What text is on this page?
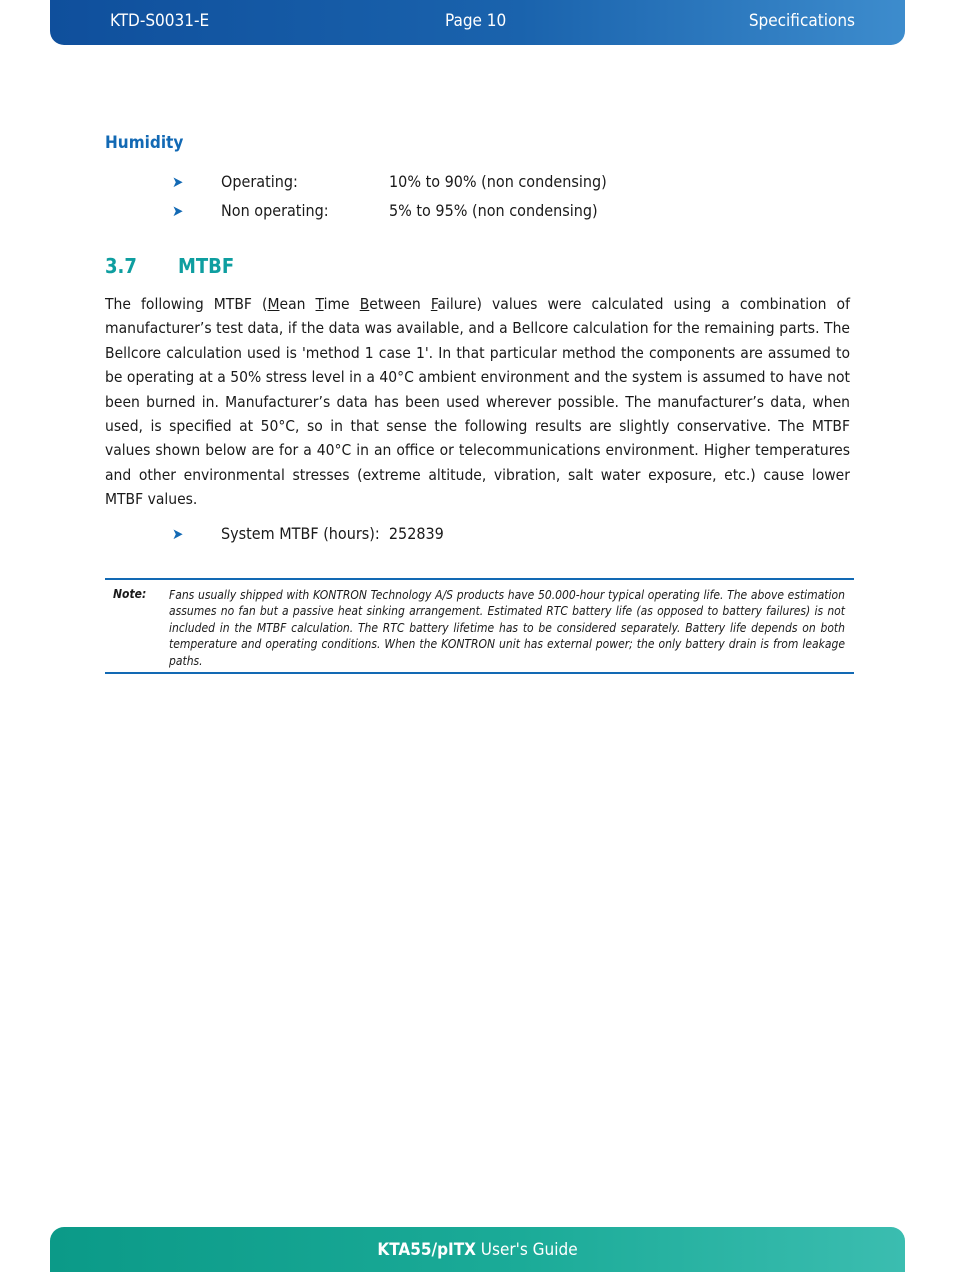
KTD-S0031-E	Page 10	Specifications
Humidity
➤ Operating:	10% to 90% (non condensing)
➤ Non operating:	5% to 95% (non condensing)
3.7 MTBF
The following MTBF (Mean Time Between Failure) values were calculated using a combination of manufacturer’s test data, if the data was available, and a Bellcore calculation for the remaining parts. The Bellcore calculation used is 'method 1 case 1'. In that particular method the components are assumed to be operating at a 50% stress level in a 40°C ambient environment and the system is assumed to have not been burned in. Manufacturer’s data has been used wherever possible. The manufacturer’s data, when used, is specified at 50°C, so in that sense the following results are slightly conservative. The MTBF values shown below are for a 40°C in an office or telecommunications environment. Higher temperatures and other environmental stresses (extreme altitude, vibration, salt water exposure, etc.) cause lower MTBF values.
➤ System MTBF (hours): 252839
Note: Fans usually shipped with KONTRON Technology A/S products have 50.000-hour typical operating life. The above estimation assumes no fan but a passive heat sinking arrangement. Estimated RTC battery life (as opposed to battery failures) is not included in the MTBF calculation. The RTC battery lifetime has to be considered separately. Battery life depends on both temperature and operating conditions. When the KONTRON unit has external power; the only battery drain is from leakage paths.
KTA55/pITX User's Guide
